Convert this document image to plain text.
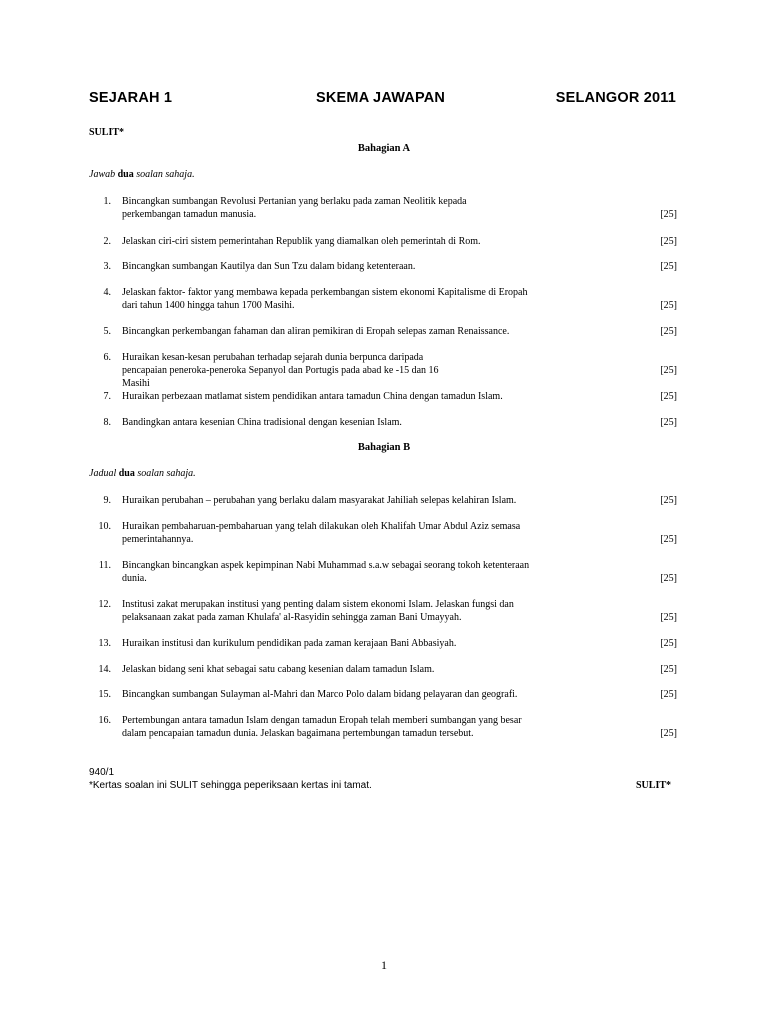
SEJARAH 1	SKEMA JAWAPAN	SELANGOR 2011
SULIT*
Bahagian A
Jawab dua soalan sahaja.
1. Bincangkan sumbangan Revolusi Pertanian yang berlaku pada zaman Neolitik kepada
perkembangan tamadun manusia.	[25]
2. Jelaskan ciri-ciri sistem pemerintahan Republik yang diamalkan oleh pemerintah di Rom.	[25]
3. Bincangkan sumbangan Kautilya dan Sun Tzu dalam bidang ketenteraan.	[25]
4. Jelaskan faktor- faktor yang membawa kepada perkembangan sistem ekonomi Kapitalisme di Eropah
dari tahun 1400 hingga tahun 1700 Masihi.	[25]
5. Bincangkan perkembangan fahaman dan aliran pemikiran di Eropah selepas zaman Renaissance.	[25]
6. Huraikan kesan-kesan perubahan terhadap sejarah dunia berpunca daripada
pencapaian peneroka-peneroka Sepanyol dan Portugis pada abad ke -15 dan 16
Masihi
[25]
7. Huraikan perbezaan matlamat sistem pendidikan antara tamadun China dengan tamadun Islam.	[25]
8. Bandingkan antara kesenian China tradisional dengan kesenian Islam.	[25]
Bahagian B
Jadual dua soalan sahaja.
9. Huraikan perubahan – perubahan yang berlaku dalam masyarakat Jahiliah selepas kelahiran Islam.	[25]
10. Huraikan pembaharuan-pembaharuan yang telah dilakukan oleh Khalifah Umar Abdul Aziz semasa
pemerintahannya.	[25]
11. Bincangkan bincangkan aspek kepimpinan Nabi Muhammad s.a.w sebagai seorang tokoh ketenteraan
dunia.	[25]
12. Institusi zakat merupakan institusi yang penting dalam sistem ekonomi Islam. Jelaskan fungsi dan
pelaksanaan zakat pada zaman Khulafa' al-Rasyidin sehingga zaman Bani Umayyah.	[25]
13. Huraikan institusi dan kurikulum pendidikan pada zaman kerajaan Bani Abbasiyah.	[25]
14. Jelaskan bidang seni khat sebagai satu cabang kesenian dalam tamadun Islam.	[25]
15. Bincangkan sumbangan Sulayman al-Mahri dan Marco Polo dalam bidang pelayaran dan geografi.	[25]
16. Pertembungan antara tamadun Islam dengan tamadun Eropah telah memberi sumbangan yang besar
dalam pencapaian tamadun dunia. Jelaskan bagaimana pertembungan tamadun tersebut.	[25]
940/1
*Kertas soalan ini SULIT sehingga peperiksaan kertas ini tamat.	SULIT*
1
